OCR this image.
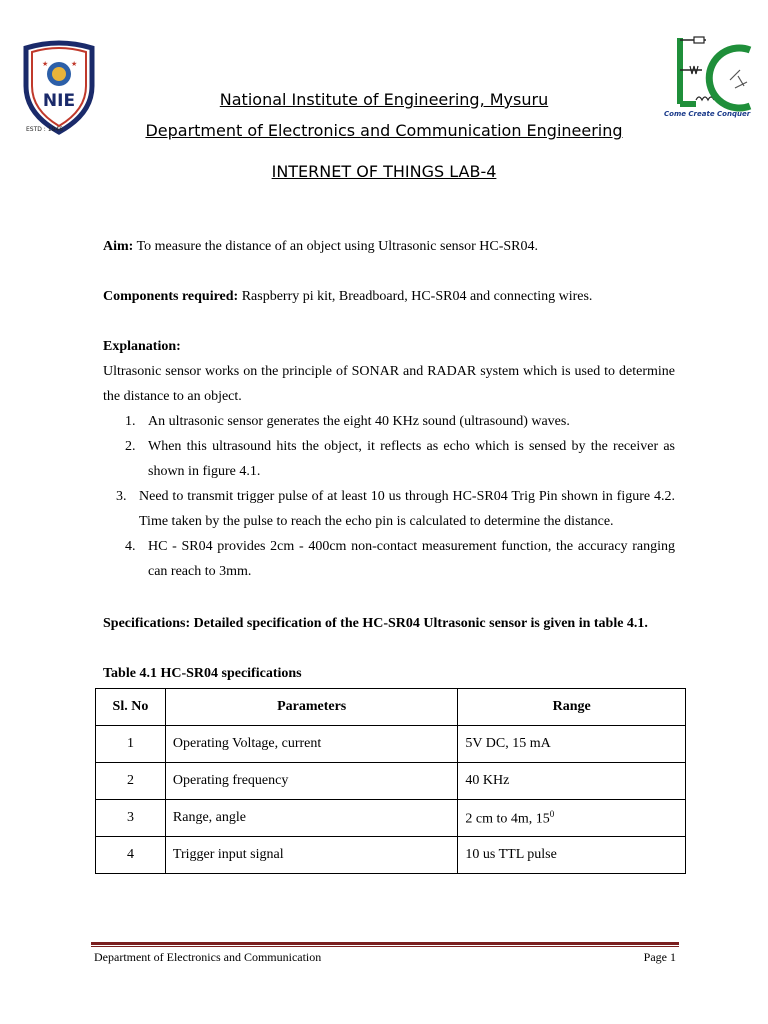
★	★
NIE
ESTD : 1946
EC
Come Create Conquer
National Institute of Engineering, Mysuru
Department of Electronics and Communication Engineering
INTERNET OF THINGS LAB-4
Aim: To measure the distance of an object using Ultrasonic sensor HC-SR04.
Components required: Raspberry pi kit, Breadboard, HC-SR04 and connecting wires.
Explanation:
Ultrasonic sensor works on the principle of SONAR and RADAR system which is used to determine the distance to an object.
1. An ultrasonic sensor generates the eight 40 KHz sound (ultrasound) waves.
2. When this ultrasound hits the object, it reflects as echo which is sensed by the receiver as shown in figure 4.1.
3. Need to transmit trigger pulse of at least 10 us through HC-SR04 Trig Pin shown in figure 4.2. Time taken by the pulse to reach the echo pin is calculated to determine the distance.
4. HC - SR04 provides 2cm - 400cm non-contact measurement function, the accuracy ranging can reach to 3mm.
Specifications: Detailed specification of the HC-SR04 Ultrasonic sensor is given in table 4.1.
Table 4.1 HC-SR04 specifications
Sl. No	Parameters	Range
1	Operating Voltage, current	5V DC, 15 mA
2	Operating frequency	40 KHz
3	Range, angle	2 cm to 4m, $15^0$
4	Trigger input signal	10 us TTL pulse
Department of Electronics and Communication	Page 1
